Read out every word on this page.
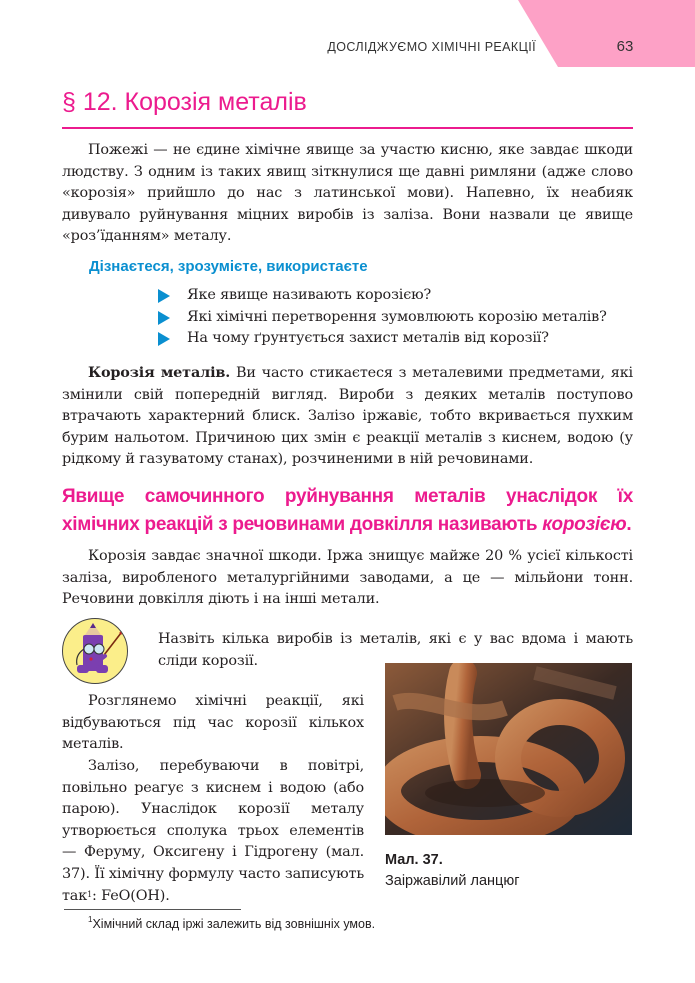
ДОСЛІДЖУЄМО ХІМІЧНІ РЕАКЦІЇ	63
§ 12. Корозія металів

Пожежі — не єдине хімічне явище за участю кисню, яке завдає шкоди людству. З одним із таких явищ зіткнулися ще давні римляни (адже слово «корозія» прийшло до нас з латинської мови). Напевно, їх неабияк дивувало руйнування міцних виробів із заліза. Вони назвали це явище «роз’їданням» металу.

Дізнаєтеся, зрозумієте, використаєте
Яке явище називають корозією?
Які хімічні перетворення зумовлюють корозію металів?
На чому ґрунтується захист металів від корозії?

Корозія металів. Ви часто стикаєтеся з металевими предметами, які змінили свій попередній вигляд. Вироби з деяких металів поступово втрачають характерний блиск. Залізо іржавіє, тобто вкривається пухким бурим нальотом. Причиною цих змін є реакції металів з киснем, водою (у рідкому й газуватому станах), розчиненими в ній речовинами.

Явище самочинного руйнування металів унаслідок їх хімічних реакцій з речовинами довкілля називають корозією.

Корозія завдає значної шкоди. Іржа знищує майже 20 % усієї кількості заліза, виробленого металургійними заводами, а це — мільйони тонн. Речовини довкілля діють і на інші метали.

Назвіть кілька виробів із металів, які є у вас вдома і мають сліди корозії.

Розглянемо хімічні реакції, які відбуваються під час корозії кількох металів.

Залізо, перебуваючи в повітрі, повільно реагує з киснем і водою (або парою). Унаслідок корозії металу утворюється сполука трьох елементів — Феруму, Оксигену і Гідрогену (мал. 37). Її хімічну формулу часто записують так$^1$: FeO(OH).

Мал. 37.
Заіржавілий ланцюг
$^1$Хімічний склад іржі залежить від зовнішніх умов.
